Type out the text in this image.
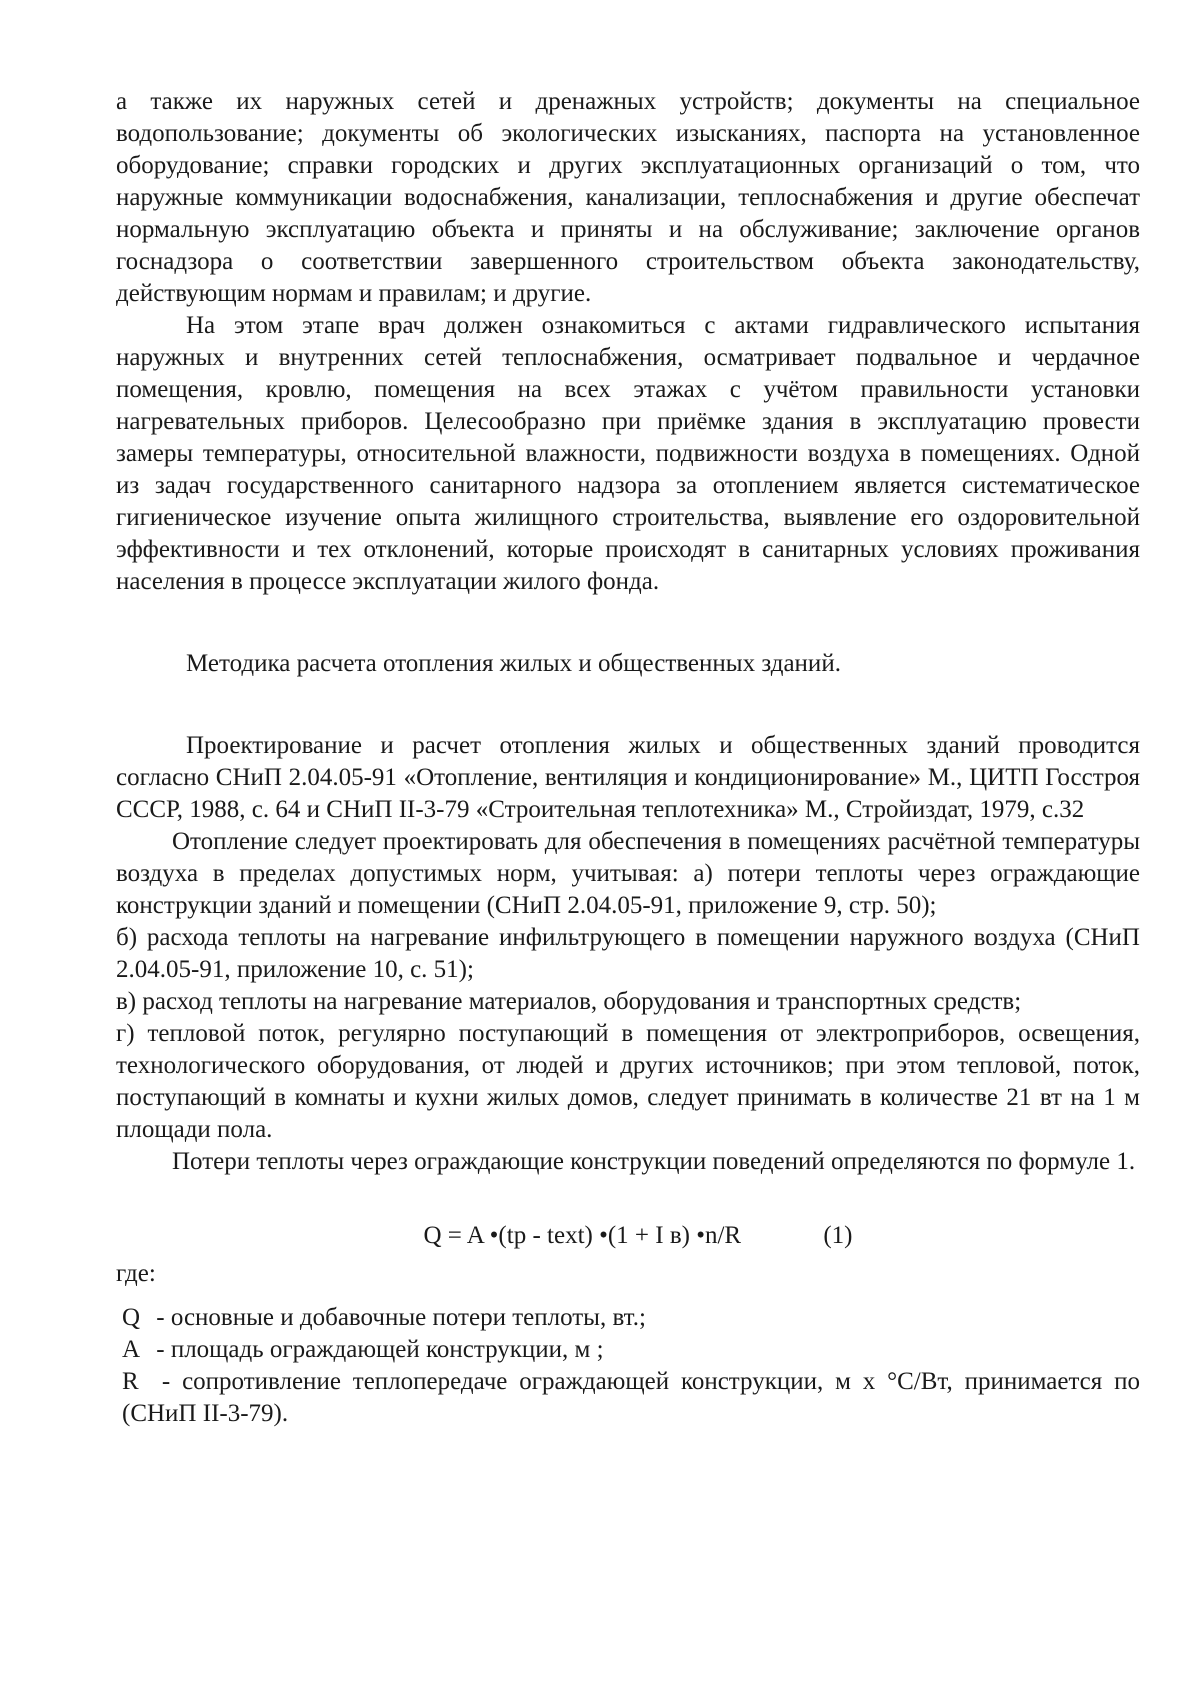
а также их наружных сетей и дренажных устройств; документы на специальное водопользование; документы об экологических изысканиях, паспорта на установленное оборудование; справки городских и других эксплуатационных организаций о том, что наружные коммуникации водоснабжения, канализации, теплоснабжения и другие обеспечат нормальную эксплуатацию объекта и приняты и на обслуживание; заключение органов госнадзора о соответствии завершенного строительством объекта законодательству, действующим нормам и правилам; и другие.

На этом этапе врач должен ознакомиться с актами гидравлического испытания наружных и внутренних сетей теплоснабжения, осматривает подвальное и чердачное помещения, кровлю, помещения на всех этажах с учётом правильности установки нагревательных приборов. Целесообразно при приёмке здания в эксплуатацию провести замеры температуры, относительной влажности, подвижности воздуха в помещениях. Одной из задач государственного санитарного надзора за отоплением является систематическое гигиеническое изучение опыта жилищного строительства, выявление его оздоровительной эффективности и тех отклонений, которые происходят в санитарных условиях проживания населения в процессе эксплуатации жилого фонда.

Методика расчета отопления жилых и общественных зданий.

Проектирование и расчет отопления жилых и общественных зданий проводится согласно СНиП 2.04.05-91 «Отопление, вентиляция и кондиционирование» М., ЦИТП Госстроя СССР, 1988, с. 64 и СНиП II-3-79 «Строительная теплотехника» М., Стройиздат, 1979, с.32

Отопление следует проектировать для обеспечения в помещениях расчётной температуры воздуха в пределах допустимых норм, учитывая: а) потери теплоты через ограждающие конструкции зданий и помещении (СНиП 2.04.05-91, приложение 9, стр. 50);

б) расхода теплоты на нагревание инфильтрующего в помещении наружного воздуха (СНиП 2.04.05-91, приложение 10, с. 51);

в) расход теплоты на нагревание материалов, оборудования и транспортных средств;

г) тепловой поток, регулярно поступающий в помещения от электроприборов, освещения, технологического оборудования, от людей и других источников; при этом тепловой, поток, поступающий в комнаты и кухни жилых домов, следует принимать в количестве 21 вт на 1 м площади пола.

Потери теплоты через ограждающие конструкции поведений определяются по формуле 1.

Q = A •(tp - text) •(1 + I в) •n/R	(1)

где:

Q - основные и добавочные потери теплоты, вт.;

A - площадь ограждающей конструкции, м ;

R - сопротивление теплопередаче ограждающей конструкции, м x °С/Вт, принимается по (СНиП II-3-79).
